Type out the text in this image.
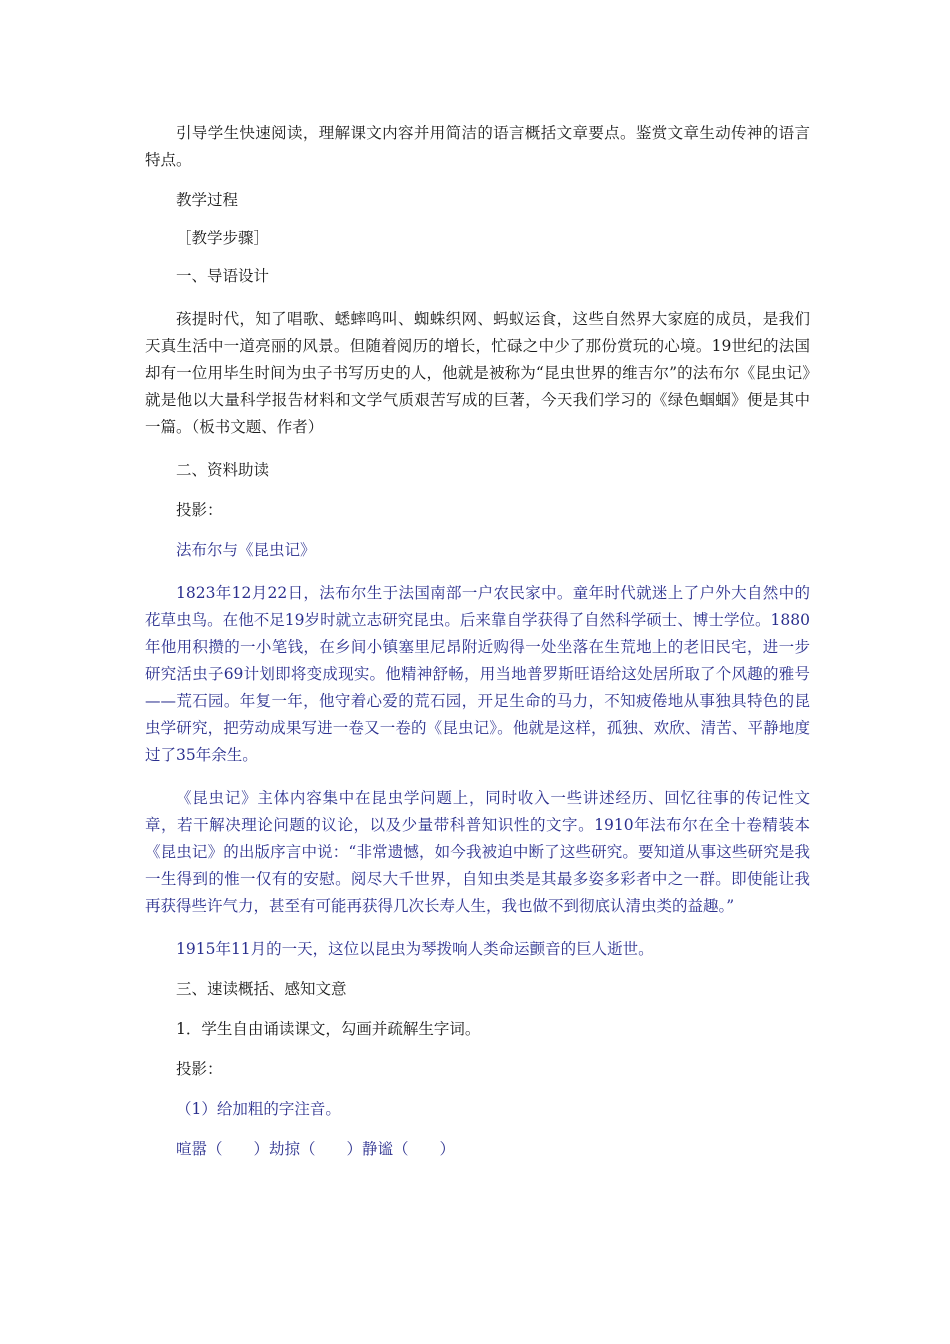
引导学生快速阅读，理解课文内容并用简洁的语言概括文章要点。鉴赏文章生动传神的语言特点。

教学过程

［教学步骤］

一、导语设计

孩提时代，知了唱歌、蟋蟀鸣叫、蜘蛛织网、蚂蚁运食，这些自然界大家庭的成员，是我们天真生活中一道亮丽的风景。但随着阅历的增长，忙碌之中少了那份赏玩的心境。19世纪的法国却有一位用毕生时间为虫子书写历史的人，他就是被称为“昆虫世界的维吉尔”的法布尔《昆虫记》就是他以大量科学报告材料和文学气质艰苦写成的巨著，今天我们学习的《绿色蝈蝈》便是其中一篇。（板书文题、作者）

二、资料助读

投影：

法布尔与《昆虫记》

1823年12月22日，法布尔生于法国南部一户农民家中。童年时代就迷上了户外大自然中的花草虫鸟。在他不足19岁时就立志研究昆虫。后来靠自学获得了自然科学硕士、博士学位。1880年他用积攒的一小笔钱，在乡间小镇塞里尼昂附近购得一处坐落在生荒地上的老旧民宅，进一步研究活虫子69计划即将变成现实。他精神舒畅，用当地普罗斯旺语给这处居所取了个风趣的雅号——荒石园。年复一年，他守着心爱的荒石园，开足生命的马力，不知疲倦地从事独具特色的昆虫学研究，把劳动成果写进一卷又一卷的《昆虫记》。他就是这样，孤独、欢欣、清苦、平静地度过了35年余生。

《昆虫记》主体内容集中在昆虫学问题上，同时收入一些讲述经历、回忆往事的传记性文章，若干解决理论问题的议论，以及少量带科普知识性的文字。1910年法布尔在全十卷精装本《昆虫记》的出版序言中说：“非常遗憾，如今我被迫中断了这些研究。要知道从事这些研究是我一生得到的惟一仅有的安慰。阅尽大千世界，自知虫类是其最多姿多彩者中之一群。即使能让我再获得些许气力，甚至有可能再获得几次长寿人生，我也做不到彻底认清虫类的益趣。”

1915年11月的一天，这位以昆虫为琴拨响人类命运颤音的巨人逝世。

三、速读概括、感知文意

1．学生自由诵读课文，勾画并疏解生字词。

投影：

（1）给加粗的字注音。

喧嚣（　　）劫掠（　　）静谧（　　）
